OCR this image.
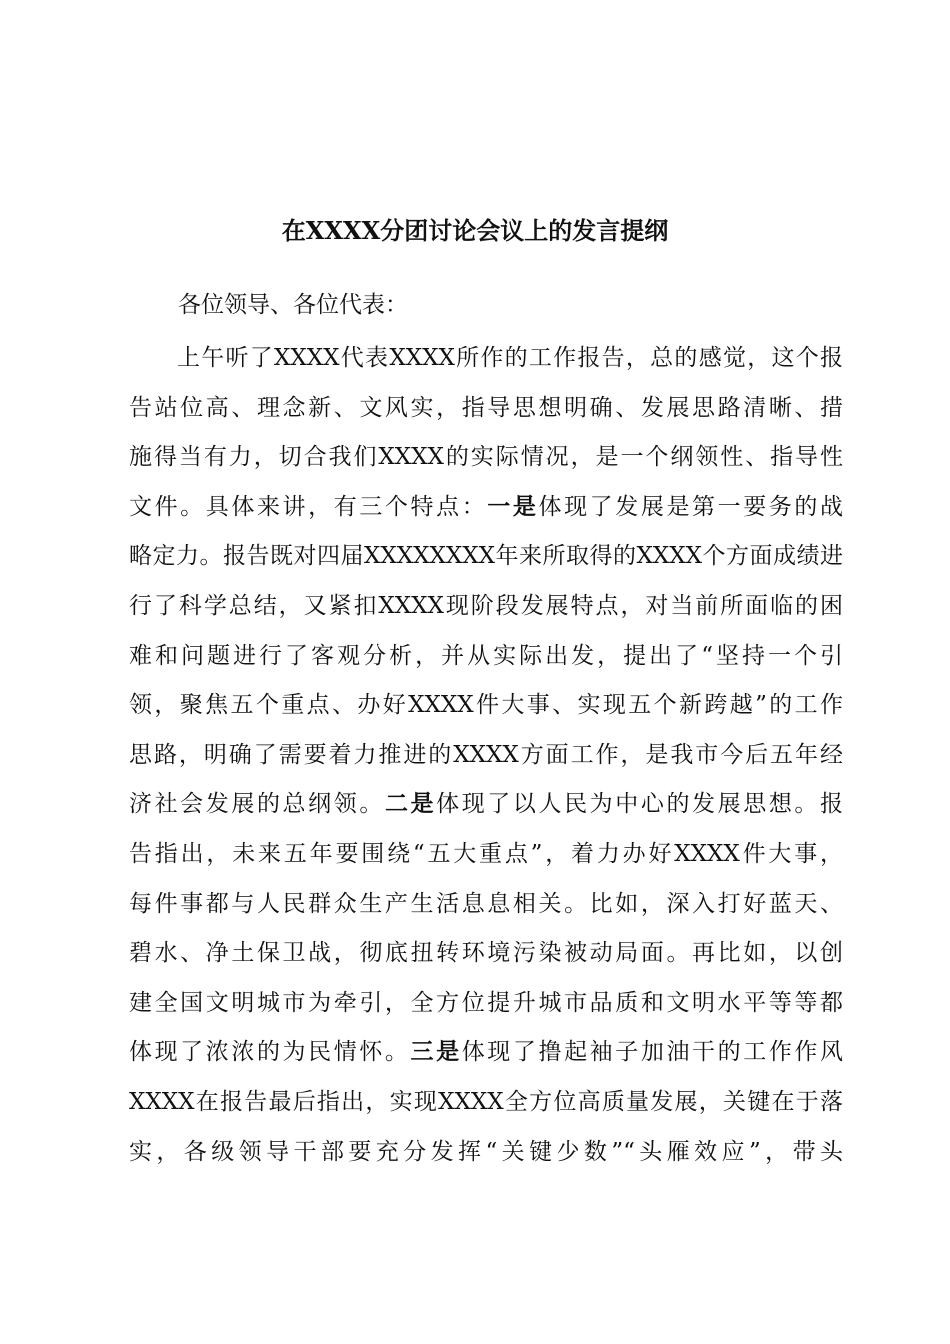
在XXXX分团讨论会议上的发言提纲
各位领导、各位代表：
上午听了XXXX代表XXXX所作的工作报告，总的感觉，这个报
告站位高、理念新、文风实，指导思想明确、发展思路清晰、措
施得当有力，切合我们XXXX的实际情况，是一个纲领性、指导性
文件。具体来讲，有三个特点：一是体现了发展是第一要务的战
略定力。报告既对四届XXXXXXXX年来所取得的XXXX个方面成绩进
行了科学总结，又紧扣XXXX现阶段发展特点，对当前所面临的困
难和问题进行了客观分析，并从实际出发，提出了“坚持一个引
领，聚焦五个重点、办好XXXX件大事、实现五个新跨越”的工作
思路，明确了需要着力推进的XXXX方面工作，是我市今后五年经
济社会发展的总纲领。二是体现了以人民为中心的发展思想。报
告指出，未来五年要围绕“五大重点”，着力办好XXXX件大事，
每件事都与人民群众生产生活息息相关。比如，深入打好蓝天、
碧水、净土保卫战，彻底扭转环境污染被动局面。再比如，以创
建全国文明城市为牵引，全方位提升城市品质和文明水平等等都
体现了浓浓的为民情怀。三是体现了撸起袖子加油干的工作作风
XXXX在报告最后指出，实现XXXX全方位高质量发展，关键在于落
实，各级领导干部要充分发挥“关键少数”“头雁效应”，带头
